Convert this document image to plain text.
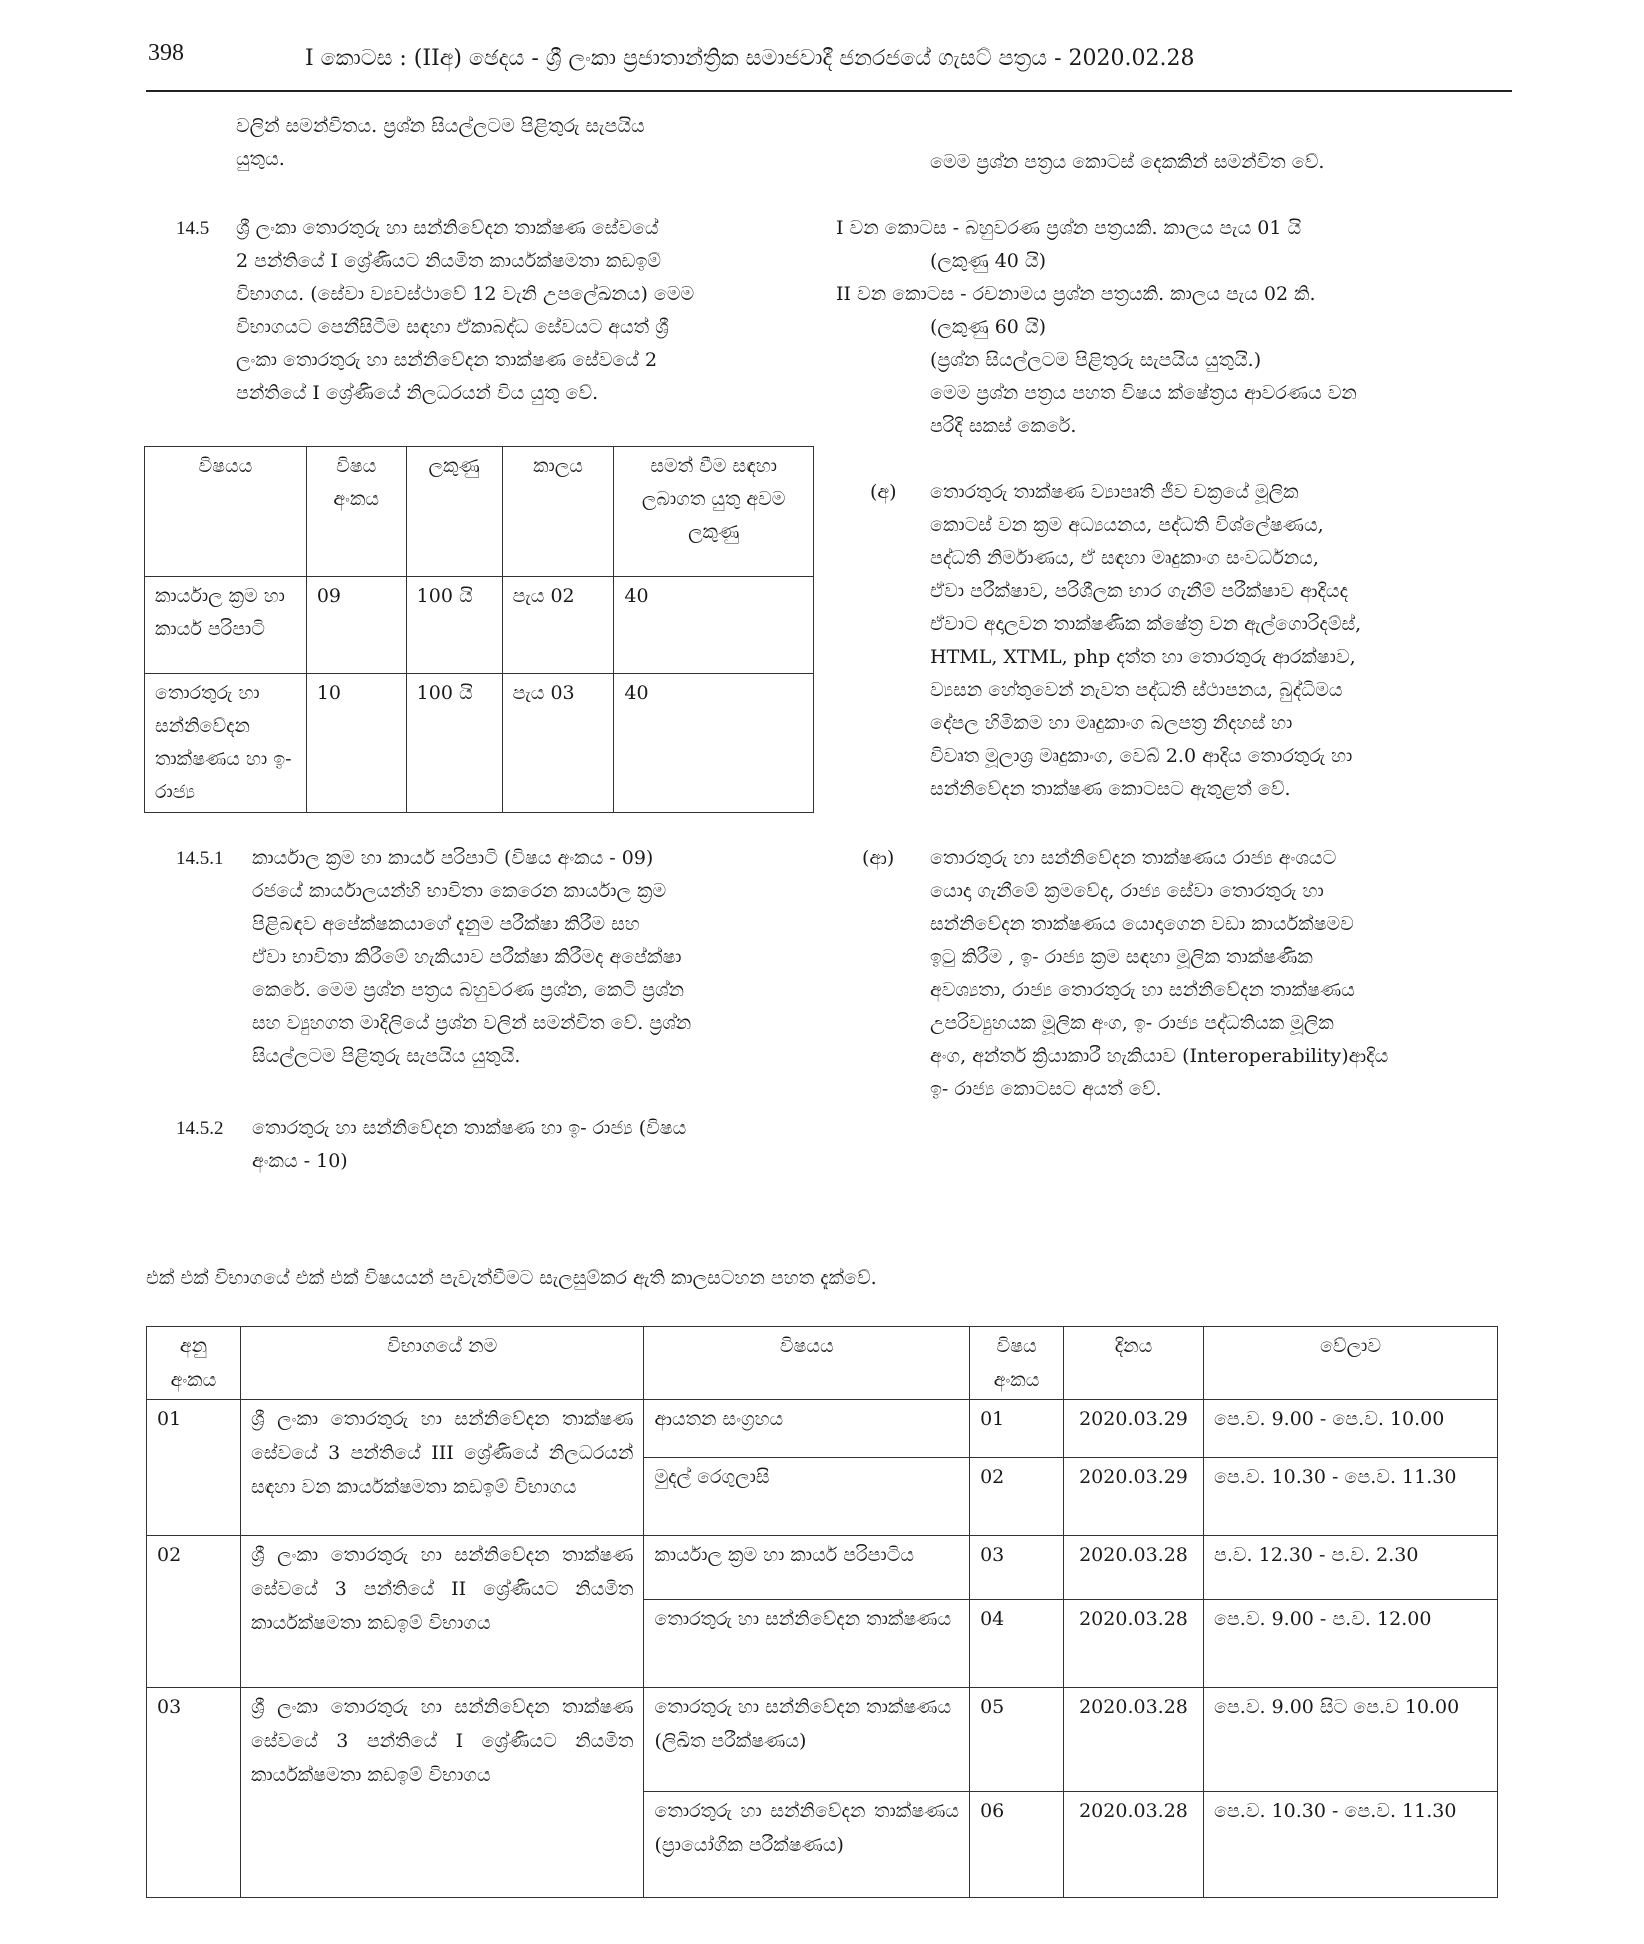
398	I කොටස : (IIඅ) ඡෙදය - ශ්‍රී ලංකා ප්‍රජාතාන්ත්‍රික සමාජවාදී ජනරජයේ ගැසට් පත්‍රය - 2020.02.28
වලින් සමන්විතය. ප්‍රශ්න සියල්ලටම පිළිතුරු සැපයිය
යුතුය.
14.5 ශ්‍රී ලංකා තොරතුරු හා සන්නිවේදන තාක්ෂණ සේවයේ
2 පන්තියේ I ශ්‍රේණියට නියමිත කාර්යක්ෂමතා කඩඉම්
විභාගය. (සේවා ව්‍යවස්ථාවේ 12 වැනි උපලේඛනය) මෙම
විභාගයට පෙනීසිටීම සඳහා ඒකාබද්ධ සේවයට අයත් ශ්‍රී
ලංකා තොරතුරු හා සන්නිවේදන තාක්ෂණ සේවයේ 2
පන්තියේ I ශ්‍රේණියේ නිලධරයන් විය යුතු වේ.
විෂයය	විෂය අංකය	ලකුණු	කාලය	සමත් වීම සඳහා ලබාගත යුතු අවම ලකුණු
කාර්යාල ක්‍රම හා කාර්ය පරිපාටි	09	100 යි	පැය 02	40
තොරතුරු හා සන්නිවේදන තාක්ෂණය හා ඉ- රාජ්‍ය	10	100 යි	පැය 03	40
14.5.1 කාර්යාල ක්‍රම හා කාර්ය පරිපාටි (විෂය අංකය - 09)
රජයේ කාර්යාලයන්හි භාවිතා කෙරෙන කාර්යාල ක්‍රම
පිළිබඳව අපේක්ෂකයාගේ දැනුම පරීක්ෂා කිරීම සහ
ඒවා භාවිතා කිරීමේ හැකියාව පරීක්ෂා කිරීමද අපේක්ෂා
කෙරේ. මෙම ප්‍රශ්න පත්‍රය බහුවරණ ප්‍රශ්න, කෙටි ප්‍රශ්න
සහ ව්‍යුහගත මාදිලියේ ප්‍රශ්න වලින් සමන්විත වේ. ප්‍රශ්න
සියල්ලටම පිළිතුරු සැපයිය යුතුයි.
14.5.2 තොරතුරු හා සන්නිවේදන තාක්ෂණ හා ඉ- රාජ්‍ය (විෂය
අංකය - 10)
මෙම ප්‍රශ්න පත්‍රය කොටස් දෙකකින් සමන්විත වේ.
I වන කොටස - බහුවරණ ප්‍රශ්න පත්‍රයකි. කාලය පැය 01 යි
(ලකුණු 40 යි)
II වන කොටස - රචනාමය ප්‍රශ්න පත්‍රයකි. කාලය පැය 02 කි.
(ලකුණු 60 යි)
(ප්‍රශ්න සියල්ලටම පිළිතුරු සැපයිය යුතුයි.)
මෙම ප්‍රශ්න පත්‍රය පහත විෂය ක්ෂේත්‍රය ආවරණය වන
පරිදි සකස් කෙරේ.
(අ) තොරතුරු තාක්ෂණ ව්‍යාපෘති ජීව චක්‍රයේ මූලික
කොටස් වන ක්‍රම අධ්‍යයනය, පද්ධති විශ්ලේෂණය,
පද්ධති නිර්මාණය, ඒ සඳහා මෘදුකාංග සංවර්ධනය,
ඒවා පරීක්ෂාව, පරිශීලක භාර ගැනීම් පරීක්ෂාව ආදියද
ඒවාට අදාලවන තාක්ෂණික ක්ෂේත්‍ර වන ඇල්ගොරිදම්ස්,
HTML, XTML, php දත්ත හා තොරතුරු ආරක්ෂාව,
ව්‍යසන හේතුවෙන් නැවත පද්ධති ස්ථාපනය, බුද්ධිමය
දේපල හිමිකම හා මෘදුකාංග බලපත්‍ර නිදහස් හා
විවෘත මූලාශ්‍ර මෘදුකාංග, වෙබ් 2.0 ආදිය තොරතුරු හා
සන්නිවේදන තාක්ෂණ කොටසට ඇතුළත් වේ.
(ආ) තොරතුරු හා සන්නිවේදන තාක්ෂණය රාජ්‍ය අංශයට
යොදා ගැනීමේ ක්‍රමවේද, රාජ්‍ය සේවා තොරතුරු හා
සන්නිවේදන තාක්ෂණය යොදාගෙන වඩා කාර්යක්ෂමව
ඉටු කිරීම , ඉ- රාජ්‍ය ක්‍රම සඳහා මූලික තාක්ෂණික
අවශ්‍යතා, රාජ්‍ය තොරතුරු හා සන්නිවේදන තාක්ෂණය
උපරිව්‍යුහයක මූලික අංග, ඉ- රාජ්‍ය පද්ධතියක මූලික
අංග, අන්තර් ක්‍රියාකාරී හැකියාව (Interoperability)ආදිය
ඉ- රාජ්‍ය කොටසට අයත් වේ.
එක් එක් විභාගයේ එක් එක් විෂයයන් පැවැත්වීමට සැලසුම්කර ඇති කාලසටහන පහත දැක්වේ.
අනු අංකය	විභාගයේ නම	විෂයය	විෂය අංකය	දිනය	වේලාව
01	ශ්‍රී ලංකා තොරතුරු හා සන්නිවේදන තාක්ෂණ සේවයේ 3 පන්තියේ III ශ්‍රේණියේ නිලධරයන් සඳහා වන කාර්යක්ෂමතා කඩඉම් විභාගය	ආයතන සංග්‍රහය	01	2020.03.29	පෙ.ව. 9.00 - පෙ.ව. 10.00
		මුදල් රෙගුලාසි	02	2020.03.29	පෙ.ව. 10.30 - පෙ.ව. 11.30
02	ශ්‍රී ලංකා තොරතුරු හා සන්නිවේදන තාක්ෂණ සේවයේ 3 පන්තියේ II ශ්‍රේණියට නියමිත කාර්යක්ෂමතා කඩඉම් විභාගය	කාර්යාල ක්‍රම හා කාර්ය පරිපාටිය	03	2020.03.28	ප.ව. 12.30 - ප.ව. 2.30
		තොරතුරු හා සන්නිවේදන තාක්ෂණය	04	2020.03.28	පෙ.ව. 9.00 - ප.ව. 12.00
03	ශ්‍රී ලංකා තොරතුරු හා සන්නිවේදන තාක්ෂණ සේවයේ 3 පන්තියේ I ශ්‍රේණියට නියමිත කාර්යක්ෂමතා කඩඉම් විභාගය	තොරතුරු හා සන්නිවේදන තාක්ෂණය (ලිඛිත පරීක්ෂණය)	05	2020.03.28	පෙ.ව. 9.00 සිට පෙ.ව 10.00
		තොරතුරු හා සන්නිවේදන තාක්ෂණය (ප්‍රායෝගික පරීක්ෂණය)	06	2020.03.28	පෙ.ව. 10.30 - පෙ.ව. 11.30
